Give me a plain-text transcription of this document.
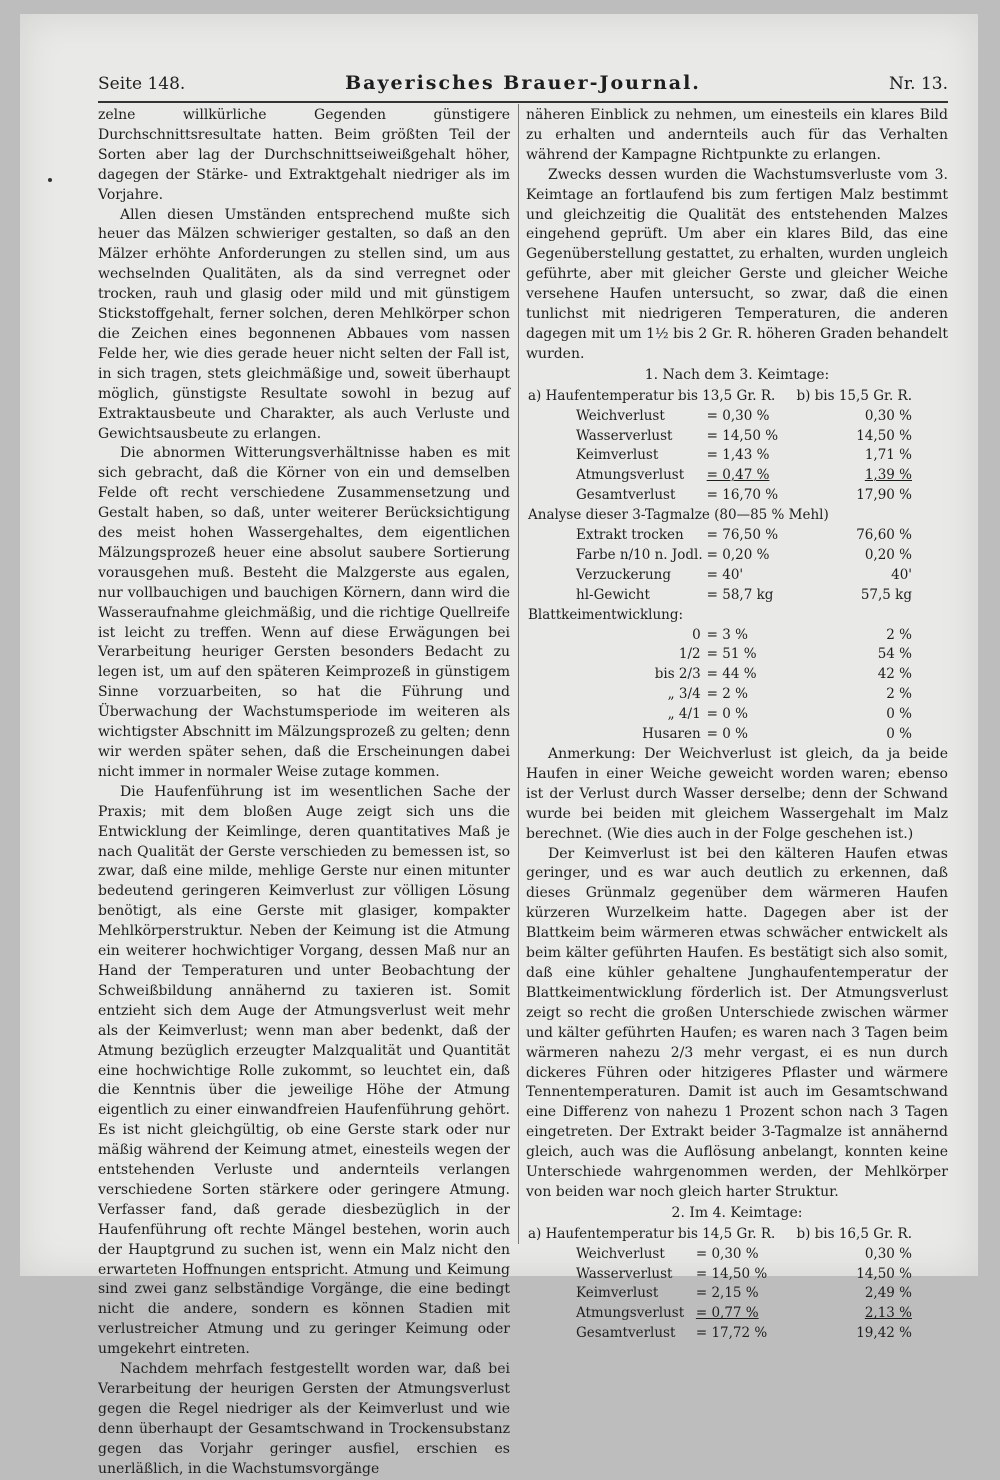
Seite 148.	Bayerisches Brauer-Journal.	Nr. 13.

zelne willkürliche Gegenden günstigere Durchschnittsresultate hatten. Beim größten Teil der Sorten aber lag der Durchschnittseiweißgehalt höher, dagegen der Stärke- und Extraktgehalt niedriger als im Vorjahre.

Allen diesen Umständen entsprechend mußte sich heuer das Mälzen schwieriger gestalten, so daß an den Mälzer erhöhte Anforderungen zu stellen sind, um aus wechselnden Qualitäten, als da sind verregnet oder trocken, rauh und glasig oder mild und mit günstigem Stickstoffgehalt, ferner solchen, deren Mehlkörper schon die Zeichen eines begonnenen Abbaues vom nassen Felde her, wie dies gerade heuer nicht selten der Fall ist, in sich tragen, stets gleichmäßige und, soweit überhaupt möglich, günstigste Resultate sowohl in bezug auf Extraktausbeute und Charakter, als auch Verluste und Gewichtsausbeute zu erlangen.

Die abnormen Witterungsverhältnisse haben es mit sich gebracht, daß die Körner von ein und demselben Felde oft recht verschiedene Zusammensetzung und Gestalt haben, so daß, unter weiterer Berücksichtigung des meist hohen Wassergehaltes, dem eigentlichen Mälzungsprozeß heuer eine absolut saubere Sortierung vorausgehen muß. Besteht die Malzgerste aus egalen, nur vollbauchigen und bauchigen Körnern, dann wird die Wasseraufnahme gleichmäßig, und die richtige Quellreife ist leicht zu treffen. Wenn auf diese Erwägungen bei Verarbeitung heuriger Gersten besonders Bedacht zu legen ist, um auf den späteren Keimprozeß in günstigem Sinne vorzuarbeiten, so hat die Führung und Überwachung der Wachstumsperiode im weiteren als wichtigster Abschnitt im Mälzungsprozeß zu gelten; denn wir werden später sehen, daß die Erscheinungen dabei nicht immer in normaler Weise zutage kommen.

Die Haufenführung ist im wesentlichen Sache der Praxis; mit dem bloßen Auge zeigt sich uns die Entwicklung der Keimlinge, deren quantitatives Maß je nach Qualität der Gerste verschieden zu bemessen ist, so zwar, daß eine milde, mehlige Gerste nur einen mitunter bedeutend geringeren Keimverlust zur völligen Lösung benötigt, als eine Gerste mit glasiger, kompakter Mehlkörperstruktur. Neben der Keimung ist die Atmung ein weiterer hochwichtiger Vorgang, dessen Maß nur an Hand der Temperaturen und unter Beobachtung der Schweißbildung annähernd zu taxieren ist. Somit entzieht sich dem Auge der Atmungsverlust weit mehr als der Keimverlust; wenn man aber bedenkt, daß der Atmung bezüglich erzeugter Malzqualität und Quantität eine hochwichtige Rolle zukommt, so leuchtet ein, daß die Kenntnis über die jeweilige Höhe der Atmung eigentlich zu einer einwandfreien Haufenführung gehört. Es ist nicht gleichgültig, ob eine Gerste stark oder nur mäßig während der Keimung atmet, einesteils wegen der entstehenden Verluste und andernteils verlangen verschiedene Sorten stärkere oder geringere Atmung. Verfasser fand, daß gerade diesbezüglich in der Haufenführung oft rechte Mängel bestehen, worin auch der Hauptgrund zu suchen ist, wenn ein Malz nicht den erwarteten Hoffnungen entspricht. Atmung und Keimung sind zwei ganz selbständige Vorgänge, die eine bedingt nicht die andere, sondern es können Stadien mit verlustreicher Atmung und zu geringer Keimung oder umgekehrt eintreten.

Nachdem mehrfach festgestellt worden war, daß bei Verarbeitung der heurigen Gersten der Atmungsverlust gegen die Regel niedriger als der Keimverlust und wie denn überhaupt der Gesamtschwand in Trockensubstanz gegen das Vorjahr geringer ausfiel, erschien es unerläßlich, in die Wachstumsvorgänge

näheren Einblick zu nehmen, um einesteils ein klares Bild zu erhalten und andernteils auch für das Verhalten während der Kampagne Richtpunkte zu erlangen.

Zwecks dessen wurden die Wachstumsverluste vom 3. Keimtage an fortlaufend bis zum fertigen Malz bestimmt und gleichzeitig die Qualität des entstehenden Malzes eingehend geprüft. Um aber ein klares Bild, das eine Gegenüberstellung gestattet, zu erhalten, wurden ungleich geführte, aber mit gleicher Gerste und gleicher Weiche versehene Haufen untersucht, so zwar, daß die einen tunlichst mit niedrigeren Temperaturen, die anderen dagegen mit um 1½ bis 2 Gr. R. höheren Graden behandelt wurden.

1. Nach dem 3. Keimtage:
a) Haufentemperatur bis 13,5 Gr. R.		b) bis 15,5 Gr. R.
Weichverlust	= 0,30 %	0,30 %
Wasserverlust	= 14,50 %	14,50 %
Keimverlust	= 1,43 %	1,71 %
Atmungsverlust	= 0,47 %	1,39 %
Gesamtverlust	= 16,70 %	17,90 %
Analyse dieser 3-Tagmalze (80—85 % Mehl)		
Extrakt trocken	= 76,50 %	76,60 %
Farbe n/10 n. Jodl.	= 0,20 %	0,20 %
Verzuckerung	= 40'	40'
hl-Gewicht	= 58,7 kg	57,5 kg
Blattkeimentwicklung:		
0	= 3 %	2 %
1/2	= 51 %	54 %
bis 2/3	= 44 %	42 %
„ 3/4	= 2 %	2 %
„ 4/1	= 0 %	0 %
Husaren	= 0 %	0 %

Anmerkung: Der Weichverlust ist gleich, da ja beide Haufen in einer Weiche geweicht worden waren; ebenso ist der Verlust durch Wasser derselbe; denn der Schwand wurde bei beiden mit gleichem Wassergehalt im Malz berechnet. (Wie dies auch in der Folge geschehen ist.)

Der Keimverlust ist bei den kälteren Haufen etwas geringer, und es war auch deutlich zu erkennen, daß dieses Grünmalz gegenüber dem wärmeren Haufen kürzeren Wurzelkeim hatte. Dagegen aber ist der Blattkeim beim wärmeren etwas schwächer entwickelt als beim kälter geführten Haufen. Es bestätigt sich also somit, daß eine kühler gehaltene Junghaufentemperatur der Blattkeimentwicklung förderlich ist. Der Atmungsverlust zeigt so recht die großen Unterschiede zwischen wärmer und kälter geführten Haufen; es waren nach 3 Tagen beim wärmeren nahezu 2/3 mehr vergast, ei es nun durch dickeres Führen oder hitzigeres Pflaster und wärmere Tennentemperaturen. Damit ist auch im Gesamtschwand eine Differenz von nahezu 1 Prozent schon nach 3 Tagen eingetreten. Der Extrakt beider 3-Tagmalze ist annähernd gleich, auch was die Auflösung anbelangt, konnten keine Unterschiede wahrgenommen werden, der Mehlkörper von beiden war noch gleich harter Struktur.

2. Im 4. Keimtage:
a) Haufentemperatur bis 14,5 Gr. R.		b) bis 16,5 Gr. R.
Weichverlust	= 0,30 %	0,30 %
Wasserverlust	= 14,50 %	14,50 %
Keimverlust	= 2,15 %	2,49 %
Atmungsverlust	= 0,77 %	2,13 %
Gesamtverlust	= 17,72 %	19,42 %
